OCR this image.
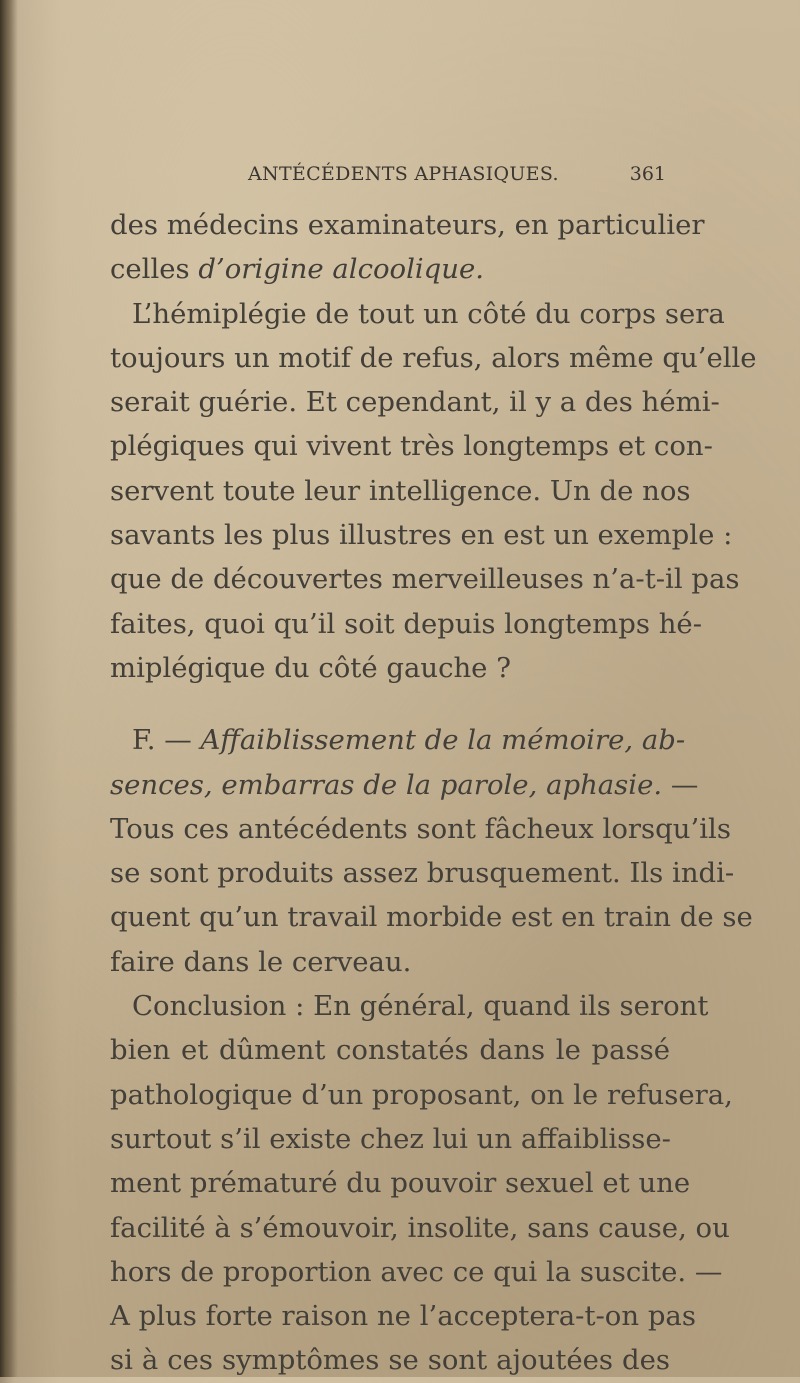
ANTÉCÉDENTS APHASIQUES.	361
des médecins examinateurs, en particulier
celles d’origine alcoolique.
L’hémiplégie de tout un côté du corps sera
toujours un motif de refus, alors même qu’elle
serait guérie. Et cependant, il y a des hémi-
plégiques qui vivent très longtemps et con-
servent toute leur intelligence. Un de nos
savants les plus illustres en est un exemple :
que de découvertes merveilleuses n’a-t-il pas
faites, quoi qu’il soit depuis longtemps hé-
miplégique du côté gauche ?
F. — Affaiblissement de la mémoire, ab-
sences, embarras de la parole, aphasie. —
Tous ces antécédents sont fâcheux lorsqu’ils
se sont produits assez brusquement. Ils indi-
quent qu’un travail morbide est en train de se
faire dans le cerveau.
Conclusion : En général, quand ils seront
bien et dûment constatés dans le passé
pathologique d’un proposant, on le refusera,
surtout s’il existe chez lui un affaiblisse-
ment prématuré du pouvoir sexuel et une
facilité à s’émouvoir, insolite, sans cause, ou
hors de proportion avec ce qui la suscite. —
A plus forte raison ne l’acceptera-t-on pas
si à ces symptômes se sont ajoutées des
